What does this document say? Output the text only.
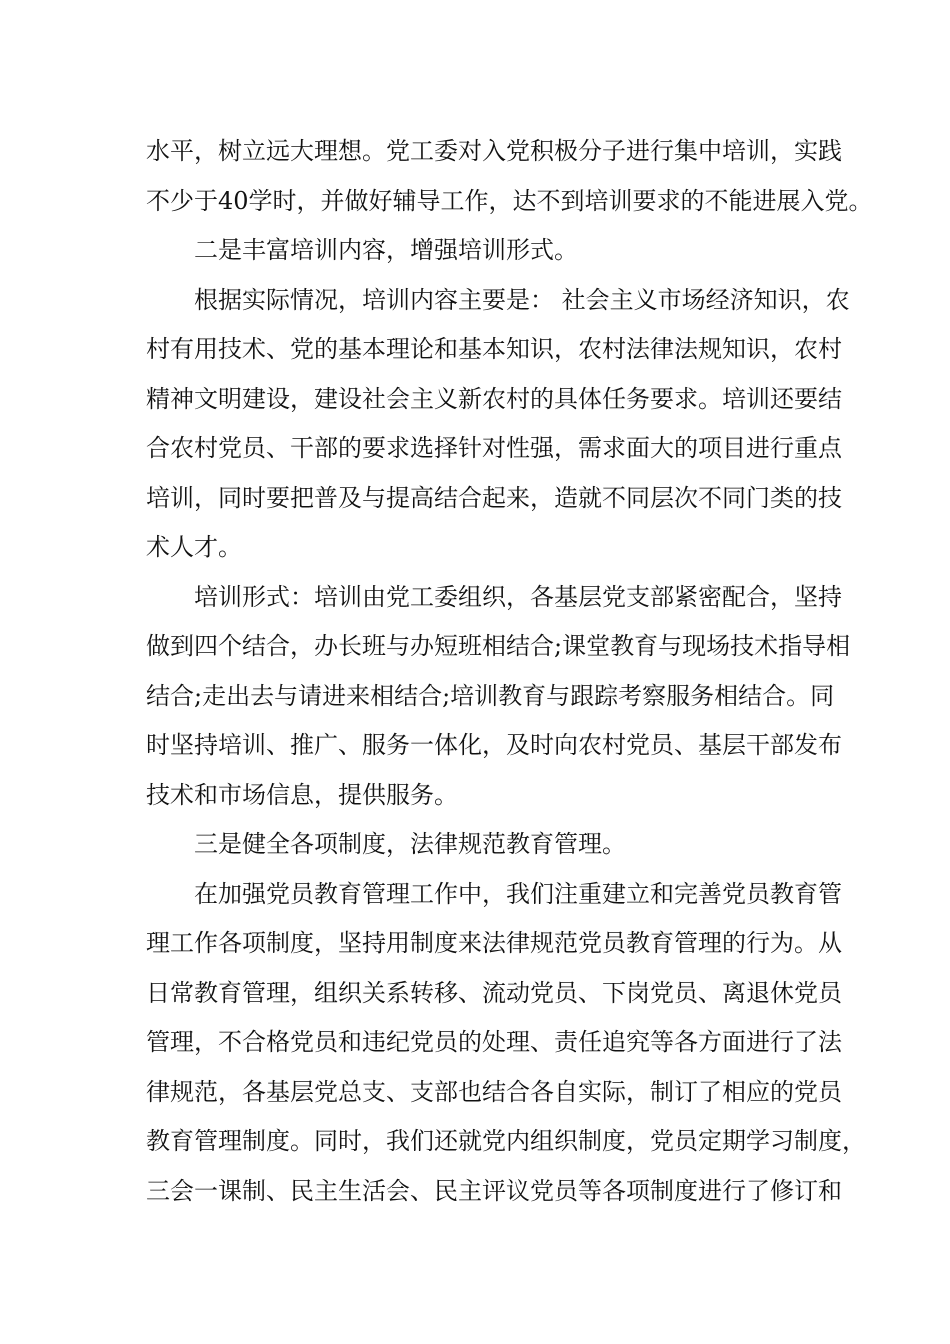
水平，树立远大理想。党工委对入党积极分子进行集中培训，实践
不少于40学时，并做好辅导工作，达不到培训要求的不能进展入党。
二是丰富培训内容，增强培训形式。
根据实际情况，培训内容主要是： 社会主义市场经济知识，农
村有用技术、党的基本理论和基本知识，农村法律法规知识，农村
精神文明建设，建设社会主义新农村的具体任务要求。培训还要结
合农村党员、干部的要求选择针对性强，需求面大的项目进行重点
培训，同时要把普及与提高结合起来，造就不同层次不同门类的技
术人才。
培训形式：培训由党工委组织，各基层党支部紧密配合，坚持
做到四个结合，办长班与办短班相结合;课堂教育与现场技术指导相
结合;走出去与请进来相结合;培训教育与跟踪考察服务相结合。同
时坚持培训、推广、服务一体化，及时向农村党员、基层干部发布
技术和市场信息，提供服务。
三是健全各项制度，法律规范教育管理。
在加强党员教育管理工作中，我们注重建立和完善党员教育管
理工作各项制度，坚持用制度来法律规范党员教育管理的行为。从
日常教育管理，组织关系转移、流动党员、下岗党员、离退休党员
管理，不合格党员和违纪党员的处理、责任追究等各方面进行了法
律规范，各基层党总支、支部也结合各自实际，制订了相应的党员
教育管理制度。同时，我们还就党内组织制度，党员定期学习制度，
三会一课制、民主生活会、民主评议党员等各项制度进行了修订和
